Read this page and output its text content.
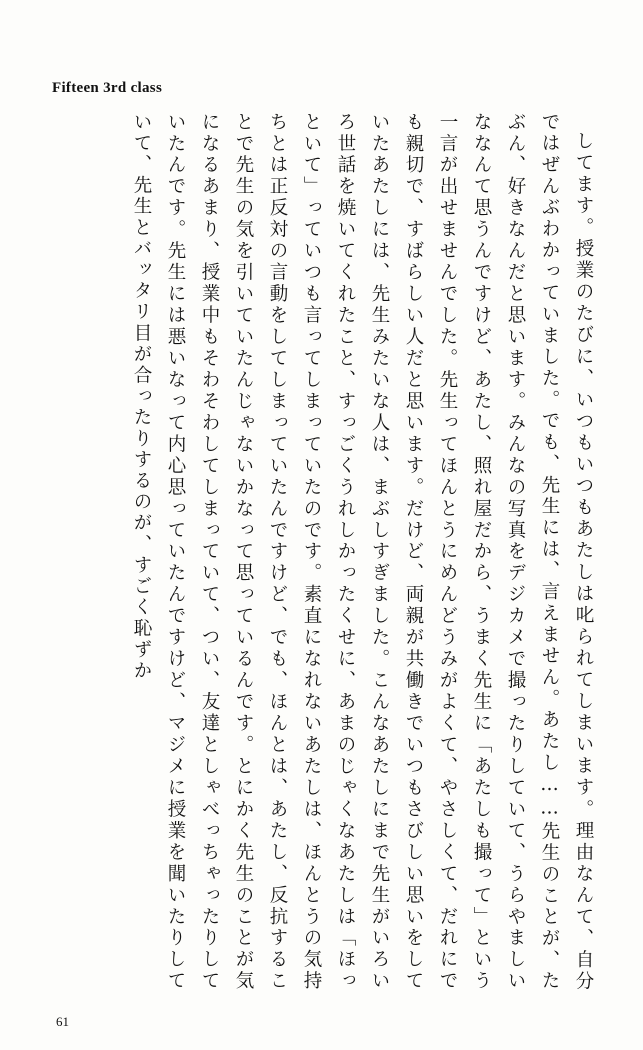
Fifteen 3rd class

してます。授業のたびに、いつもいつもあたしは叱られてしまいます。理由なんて、自分ではぜんぶわかっていました。でも、先生には、言えません。あたし……先生のことが、たぶん、好きなんだと思います。みんなの写真をデジカメで撮ったりしていて、うらやましいななんて思うんですけど、あたし、照れ屋だから、うまく先生に「あたしも撮って」という一言が出せませんでした。先生ってほんとうにめんどうみがよくて、やさしくて、だれにでも親切で、すばらしい人だと思います。だけど、両親が共働きでいつもさびしい思いをしていたあたしには、先生みたいな人は、まぶしすぎました。こんなあたしにまで先生がいろいろ世話を焼いてくれたこと、すっごくうれしかったくせに、あまのじゃくなあたしは「ほっといて」っていつも言ってしまっていたのです。素直になれないあたしは、ほんとうの気持ちとは正反対の言動をしてしまっていたんですけど、でも、ほんとは、あたし、反抗することで先生の気を引いていたんじゃないかなって思っているんです。とにかく先生のことが気になるあまり、授業中もそわそわしてしまっていて、つい、友達としゃべっちゃったりしていたんです。先生には悪いなって内心思っていたんですけど、マジメに授業を聞いたりしていて、先生とバッタリ目が合ったりするのが、すごく恥ずか

61
